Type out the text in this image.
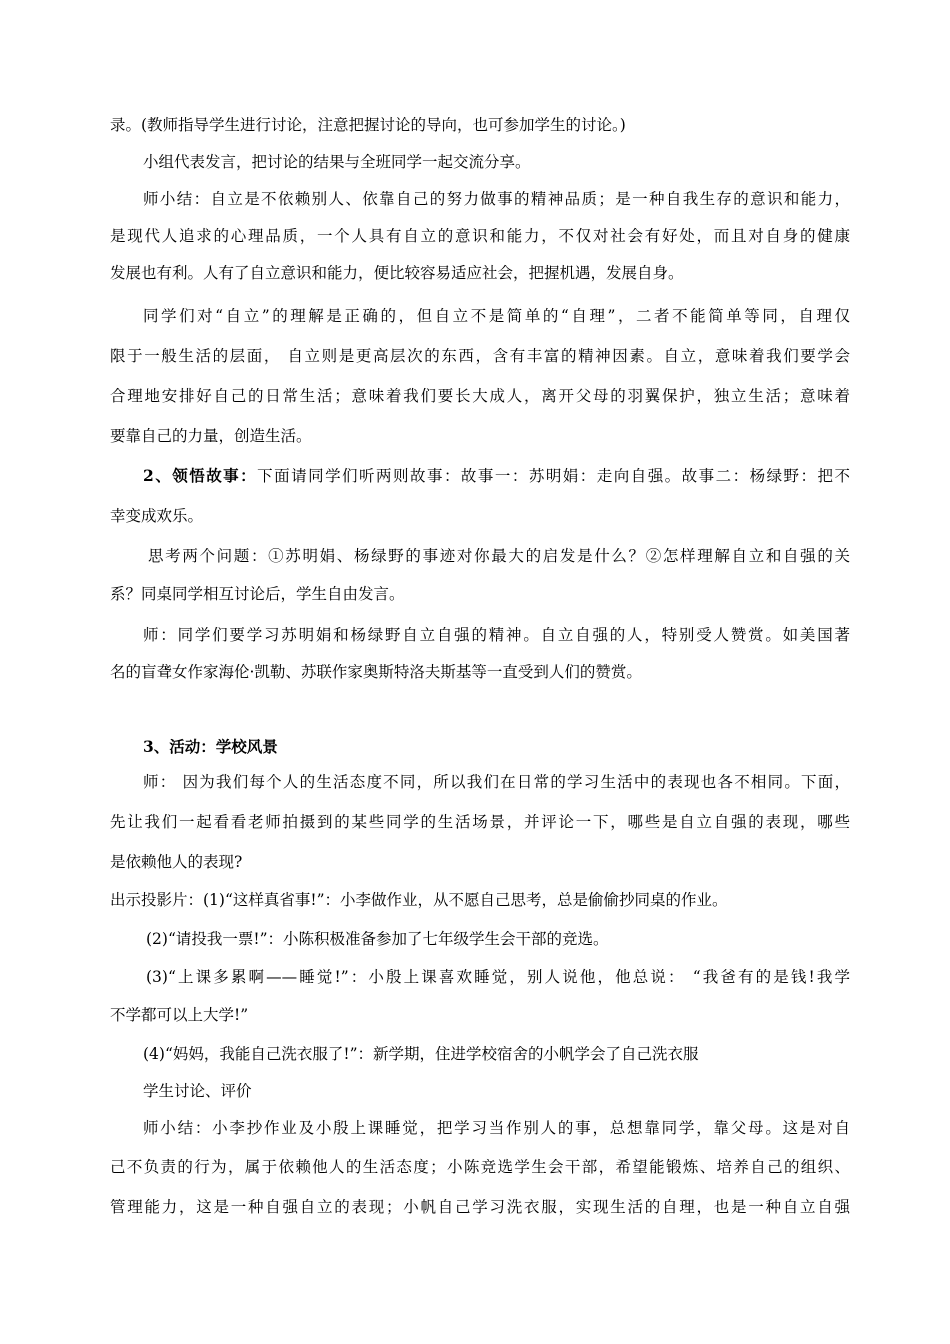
录。(教师指导学生进行讨论，注意把握讨论的导向，也可参加学生的讨论。)
小组代表发言，把讨论的结果与全班同学一起交流分享。
师小结：自立是不依赖别人、依靠自己的努力做事的精神品质；是一种自我生存的意识和能力，
是现代人追求的心理品质，一个人具有自立的意识和能力，不仅对社会有好处，而且对自身的健康
发展也有利。人有了自立意识和能力，便比较容易适应社会，把握机遇，发展自身。
同学们对“自立”的理解是正确的，但自立不是简单的“自理”，二者不能简单等同，自理仅
限于一般生活的层面， 自立则是更高层次的东西，含有丰富的精神因素。自立，意味着我们要学会
合理地安排好自己的日常生活；意味着我们要长大成人，离开父母的羽翼保护，独立生活；意味着
要靠自己的力量，创造生活。
2、领悟故事：下面请同学们听两则故事：故事一：苏明娟：走向自强。故事二：杨绿野：把不
幸变成欢乐。
思考两个问题：①苏明娟、杨绿野的事迹对你最大的启发是什么？②怎样理解自立和自强的关
系？同桌同学相互讨论后，学生自由发言。
师：同学们要学习苏明娟和杨绿野自立自强的精神。自立自强的人，特别受人赞赏。如美国著
名的盲聋女作家海伦·凯勒、苏联作家奥斯特洛夫斯基等一直受到人们的赞赏。
3、活动：学校风景
师： 因为我们每个人的生活态度不同，所以我们在日常的学习生活中的表现也各不相同。下面，
先让我们一起看看老师拍摄到的某些同学的生活场景，并评论一下，哪些是自立自强的表现，哪些
是依赖他人的表现?
出示投影片：(1)“这样真省事!”：小李做作业，从不愿自己思考，总是偷偷抄同桌的作业。
(2)“请投我一票!”：小陈积极准备参加了七年级学生会干部的竞选。
(3)“上课多累啊——睡觉!”：小殷上课喜欢睡觉，别人说他，他总说： “我爸有的是钱!我学
不学都可以上大学!”
(4)“妈妈，我能自己洗衣服了!”：新学期，住进学校宿舍的小帆学会了自己洗衣服
学生讨论、评价
师小结：小李抄作业及小殷上课睡觉，把学习当作别人的事，总想靠同学，靠父母。这是对自
己不负责的行为，属于依赖他人的生活态度；小陈竞选学生会干部，希望能锻炼、培养自己的组织、
管理能力，这是一种自强自立的表现；小帆自己学习洗衣服，实现生活的自理，也是一种自立自强
